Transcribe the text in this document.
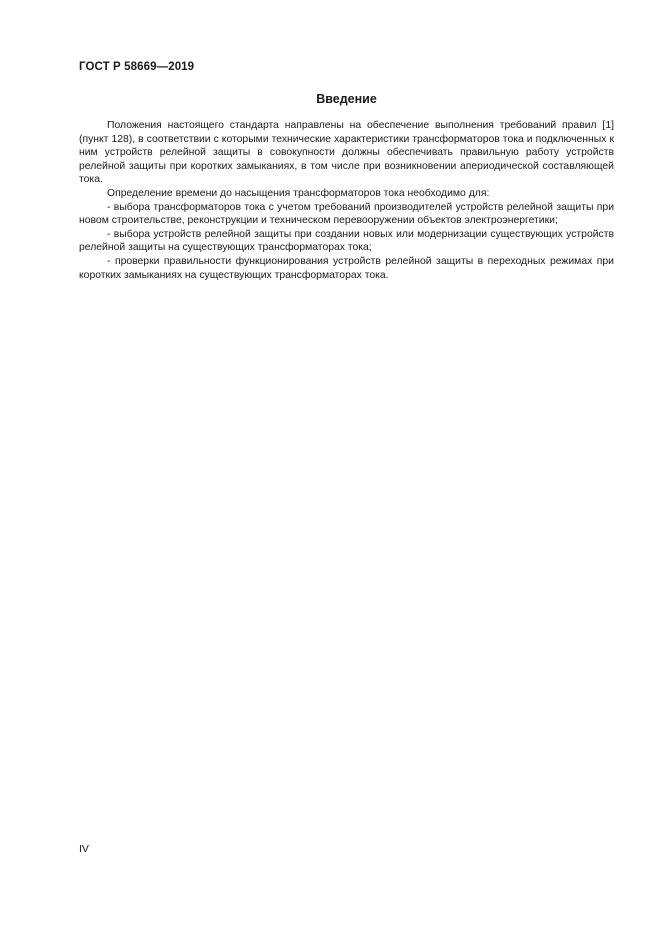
ГОСТ Р 58669—2019
Введение

Положения настоящего стандарта направлены на обеспечение выполнения требований правил [1] (пункт 128), в соответствии с которыми технические характеристики трансформаторов тока и подключенных к ним устройств релейной защиты в совокупности должны обеспечивать правильную работу устройств релейной защиты при коротких замыканиях, в том числе при возникновении апериодической составляющей тока.

Определение времени до насыщения трансформаторов тока необходимо для:

- выбора трансформаторов тока с учетом требований производителей устройств релейной защиты при новом строительстве, реконструкции и техническом перевооружении объектов электроэнергетики;

- выбора устройств релейной защиты при создании новых или модернизации существующих устройств релейной защиты на существующих трансформаторах тока;

- проверки правильности функционирования устройств релейной защиты в переходных режимах при коротких замыканиях на существующих трансформаторах тока.

IV
